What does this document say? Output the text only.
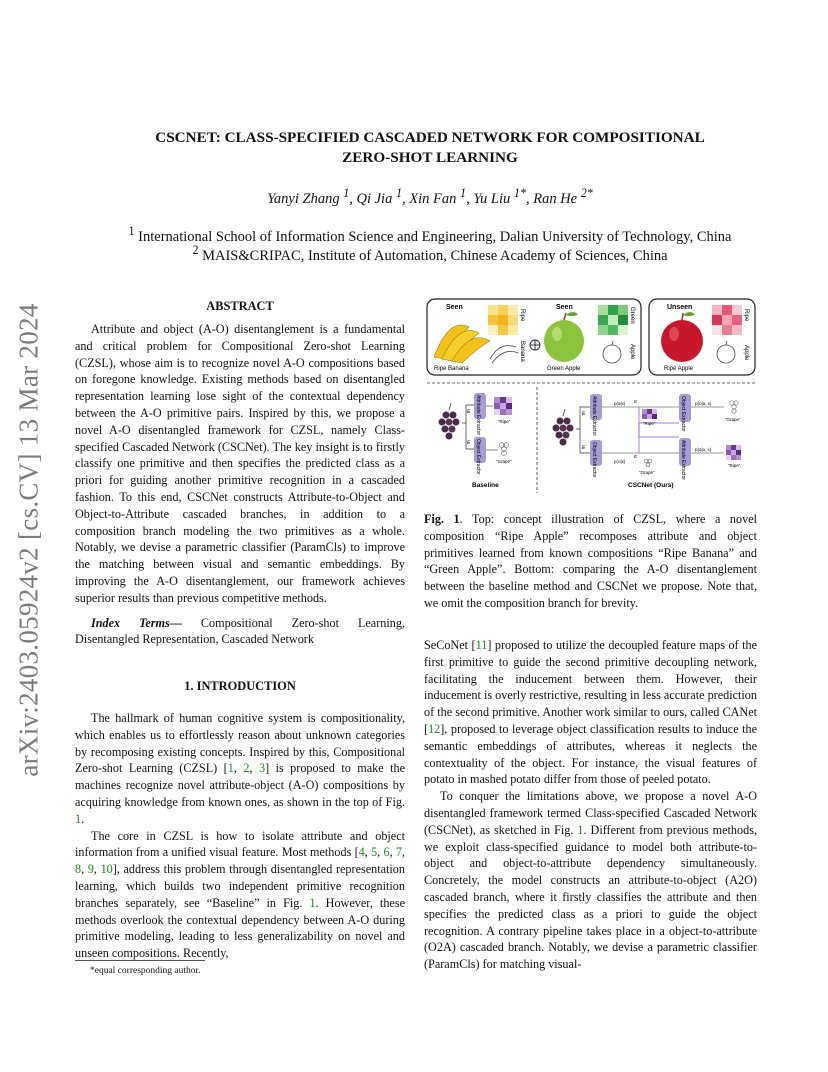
arXiv:2403.05924v2 [cs.CV] 13 Mar 2024
CSCNET: CLASS-SPECIFIED CASCADED NETWORK FOR COMPOSITIONAL
ZERO-SHOT LEARNING
Yanyi Zhang $^1$, Qi Jia $^1$, Xin Fan $^1$, Yu Liu $^{1*}$, Ran He $^{2*}$
$^1$ International School of Information Science and Engineering, Dalian University of Technology, China
$^2$ MAIS&CRIPAC, Institute of Automation, Chinese Academy of Sciences, China
ABSTRACT

Attribute and object (A-O) disentanglement is a fundamental and critical problem for Compositional Zero-shot Learning (CZSL), whose aim is to recognize novel A-O compositions based on foregone knowledge. Existing methods based on disentangled representation learning lose sight of the contextual dependency between the A-O primitive pairs. Inspired by this, we propose a novel A-O disentangled framework for CZSL, namely Class-specified Cascaded Network (CSCNet). The key insight is to firstly classify one primitive and then specifies the predicted class as a priori for guiding another primitive recognition in a cascaded fashion. To this end, CSCNet constructs Attribute-to-Object and Object-to-Attribute cascaded branches, in addition to a composition branch modeling the two primitives as a whole. Notably, we devise a parametric classifier (ParamCls) to improve the matching between visual and semantic embeddings. By improving the A-O disentanglement, our framework achieves superior results than previous competitive methods.

Index Terms— Compositional Zero-shot Learning, Disentangled Representation, Cascaded Network

1. INTRODUCTION

The hallmark of human cognitive system is compositionality, which enables us to effortlessly reason about unknown categories by recomposing existing concepts. Inspired by this, Compositional Zero-shot Learning (CZSL) [1, 2, 3] is proposed to make the machines recognize novel attribute-object (A-O) compositions by acquiring knowledge from known ones, as shown in the top of Fig. 1.

The core in CZSL is how to isolate attribute and object information from a unified visual feature. Most methods [4, 5, 6, 7, 8, 9, 10], address this problem through disentangled representation learning, which builds two independent primitive recognition branches separately, see “Baseline” in Fig. 1. However, these methods overlook the contextual dependency between A-O during primitive modeling, leading to less generalizability on novel and unseen compositions. Recently,

*equal corresponding author.
Seen	Seen	Unseen
Ripe Banana
Ripe
Banana
Green Apple
Green
Apple
Ripe Apple
Ripe
Apple
E
E
Attribute Extractor
Object Extractor
“Ripe”
“Grape”
Baseline
E
E
Attribute Extractor
Object Extractor
p(a|x)
p(o|x)
E
E
“Ripe”
“Grape”
Object Extractor
Attribute Extractor
p(o|a, x)
p(a|o, x)
“Grape”
“Ripe”
CSCNet (Ours)

Fig. 1. Top: concept illustration of CZSL, where a novel composition “Ripe Apple” recomposes attribute and object primitives learned from known compositions “Ripe Banana” and “Green Apple”. Bottom: comparing the A-O disentanglement between the baseline method and CSCNet we propose. Note that, we omit the composition branch for brevity.

SeCoNet [11] proposed to utilize the decoupled feature maps of the first primitive to guide the second primitive decoupling network, facilitating the inducement between them. However, their inducement is overly restrictive, resulting in less accurate prediction of the second primitive. Another work similar to ours, called CANet [12], proposed to leverage object classification results to induce the semantic embeddings of attributes, whereas it neglects the contextuality of the object. For instance, the visual features of potato in mashed potato differ from those of peeled potato.

To conquer the limitations above, we propose a novel A-O disentangled framework termed Class-specified Cascaded Network (CSCNet), as sketched in Fig. 1. Different from previous methods, we exploit class-specified guidance to model both attribute-to-object and object-to-attribute dependency simultaneously. Concretely, the model constructs an attribute-to-object (A2O) cascaded branch, where it firstly classifies the attribute and then specifies the predicted class as a priori to guide the object recognition. A contrary pipeline takes place in a object-to-attribute (O2A) cascaded branch. Notably, we devise a parametric classifier (ParamCls) for matching visual-
